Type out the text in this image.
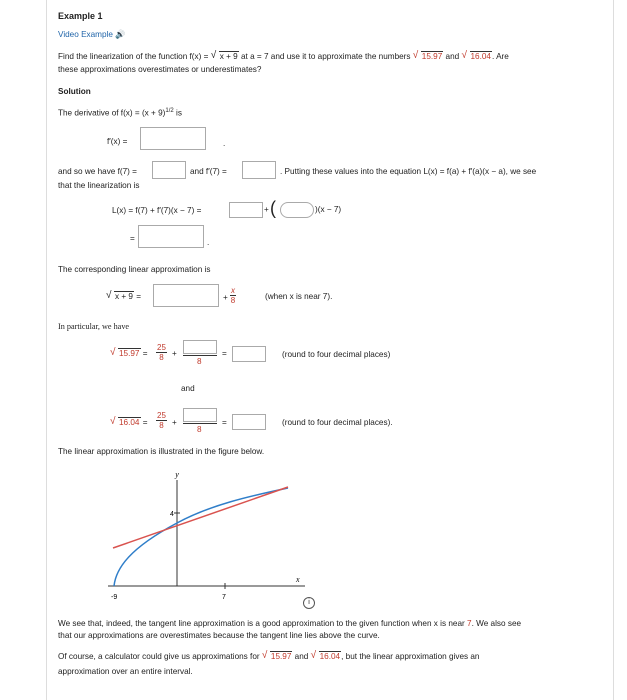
Example 1
Video Example 🔊
Find the linearization of the function f(x) = √ x + 9 at a = 7 and use it to approximate the numbers √ 15.97 and √ 16.04. Are
these approximations overestimates or underestimates?
Solution
The derivative of $f(x) = (x + 9)^{1/2}$ is
f′(x) =	.
and so we have f(7) =	and f′(7) =	. Putting these values into the equation L(x) = f(a) + f′(a)(x − a), we see
that the linearization is
L(x) = f(7) + f′(7)(x − 7) =	+ (	)(x − 7)
=	.
The corresponding linear approximation is
√ x + 9 =	+ $\frac{x}{8}$	(when x is near 7).
In particular, we have
√ $15.97 = \frac{25}{8}$ +
8
=	(round to four decimal places)
and
√ $16.04 = \frac{25}{8}$ +
8
=	(round to four decimal places).
The linear approximation is illustrated in the figure below.
y
x
4
-9	7
i
We see that, indeed, the tangent line approximation is a good approximation to the given function when x is near 7. We also see
that our approximations are overestimates because the tangent line lies above the curve.
Of course, a calculator could give us approximations for √ 15.97 and √ 16.04, but the linear approximation gives an
approximation over an entire interval.
